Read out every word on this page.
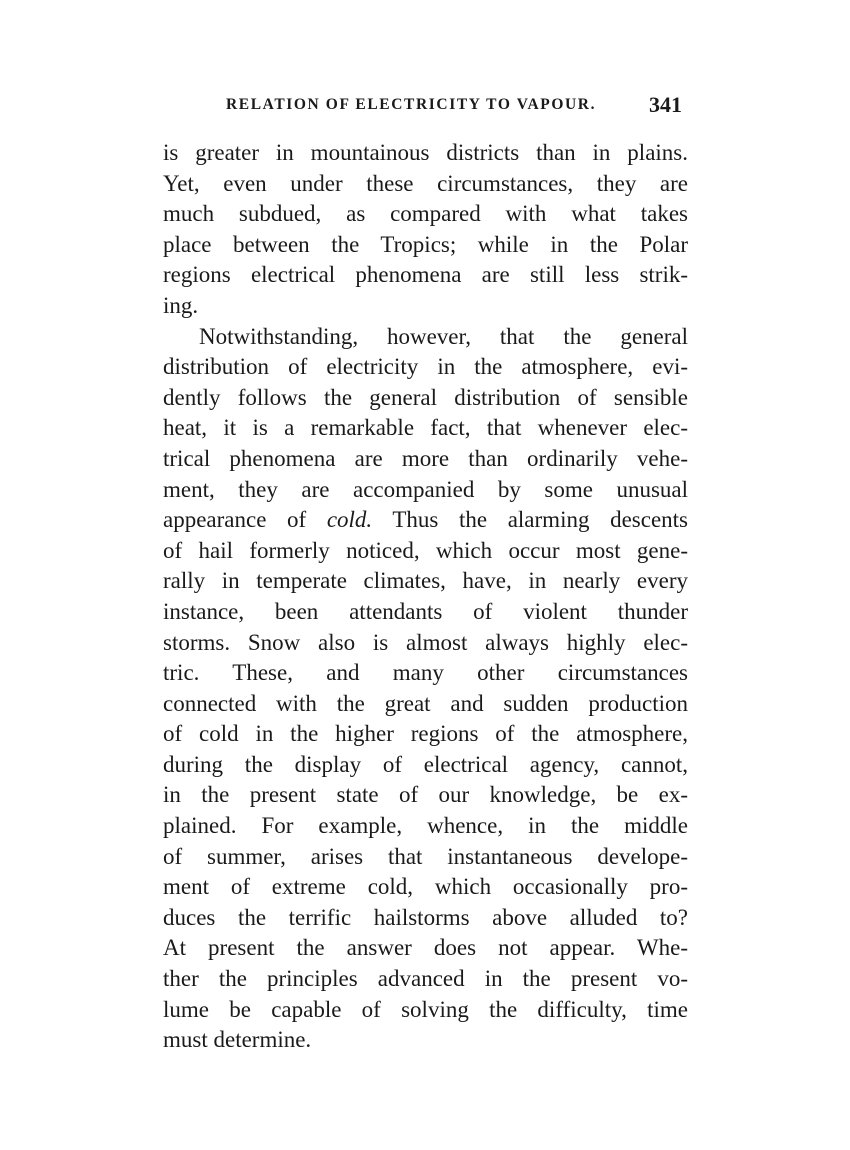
RELATION OF ELECTRICITY TO VAPOUR. 341
is greater in mountainous districts than in plains.
Yet, even under these circumstances, they are
much subdued, as compared with what takes
place between the Tropics; while in the Polar
regions electrical phenomena are still less strik-
ing.
Notwithstanding, however, that the general
distribution of electricity in the atmosphere, evi-
dently follows the general distribution of sensible
heat, it is a remarkable fact, that whenever elec-
trical phenomena are more than ordinarily vehe-
ment, they are accompanied by some unusual
appearance of cold. Thus the alarming descents
of hail formerly noticed, which occur most gene-
rally in temperate climates, have, in nearly every
instance, been attendants of violent thunder
storms. Snow also is almost always highly elec-
tric. These, and many other circumstances
connected with the great and sudden production
of cold in the higher regions of the atmosphere,
during the display of electrical agency, cannot,
in the present state of our knowledge, be ex-
plained. For example, whence, in the middle
of summer, arises that instantaneous develope-
ment of extreme cold, which occasionally pro-
duces the terrific hailstorms above alluded to?
At present the answer does not appear. Whe-
ther the principles advanced in the present vo-
lume be capable of solving the difficulty, time
must determine.
